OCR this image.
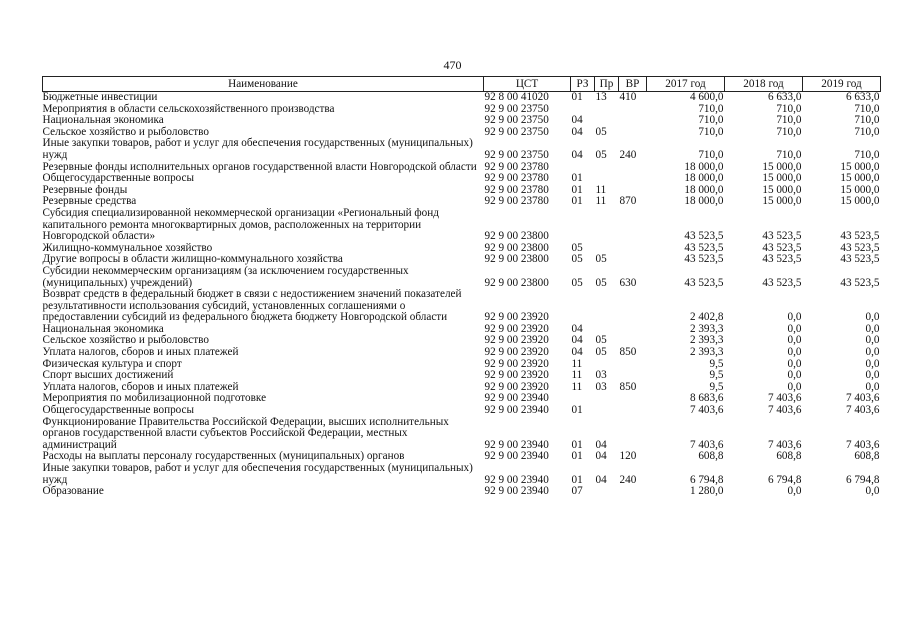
470
Наименование	ЦСТ	РЗ	Пр	ВР	2017 год	2018 год	2019 год
Бюджетные инвестиции	92 8 00 41020	01	13	410	4 600,0	6 633,0	6 633,0
Мероприятия в области сельскохозяйственного производства	92 9 00 23750				710,0	710,0	710,0
Национальная экономика	92 9 00 23750	04			710,0	710,0	710,0
Сельское хозяйство и рыболовство	92 9 00 23750	04	05		710,0	710,0	710,0
Иные закупки товаров, работ и услуг для обеспечения государственных (муниципальных) нужд	92 9 00 23750	04	05	240	710,0	710,0	710,0
Резервные фонды исполнительных органов государственной власти Новгородской области	92 9 00 23780				18 000,0	15 000,0	15 000,0
Общегосударственные вопросы	92 9 00 23780	01			18 000,0	15 000,0	15 000,0
Резервные фонды	92 9 00 23780	01	11		18 000,0	15 000,0	15 000,0
Резервные средства	92 9 00 23780	01	11	870	18 000,0	15 000,0	15 000,0
Субсидия специализированной некоммерческой организации «Региональный фонд капитального ремонта многоквартирных домов, расположенных на территории Новгородской области»	92 9 00 23800				43 523,5	43 523,5	43 523,5
Жилищно-коммунальное хозяйство	92 9 00 23800	05			43 523,5	43 523,5	43 523,5
Другие вопросы в области жилищно-коммунального хозяйства	92 9 00 23800	05	05		43 523,5	43 523,5	43 523,5
Субсидии некоммерческим организациям (за исключением государственных (муниципальных) учреждений)	92 9 00 23800	05	05	630	43 523,5	43 523,5	43 523,5
Возврат средств в федеральный бюджет в связи с недостижением значений показателей результативности использования субсидий, установленных соглашениями о предоставлении субсидий из федерального бюджета бюджету Новгородской области	92 9 00 23920				2 402,8	0,0	0,0
Национальная экономика	92 9 00 23920	04			2 393,3	0,0	0,0
Сельское хозяйство и рыболовство	92 9 00 23920	04	05		2 393,3	0,0	0,0
Уплата налогов, сборов и иных платежей	92 9 00 23920	04	05	850	2 393,3	0,0	0,0
Физическая культура и спорт	92 9 00 23920	11			9,5	0,0	0,0
Спорт высших достижений	92 9 00 23920	11	03		9,5	0,0	0,0
Уплата налогов, сборов и иных платежей	92 9 00 23920	11	03	850	9,5	0,0	0,0
Мероприятия по мобилизационной подготовке	92 9 00 23940				8 683,6	7 403,6	7 403,6
Общегосударственные вопросы	92 9 00 23940	01			7 403,6	7 403,6	7 403,6
Функционирование Правительства Российской Федерации, высших исполнительных органов государственной власти субъектов Российской Федерации, местных администраций	92 9 00 23940	01	04		7 403,6	7 403,6	7 403,6
Расходы на выплаты персоналу государственных (муниципальных) органов	92 9 00 23940	01	04	120	608,8	608,8	608,8
Иные закупки товаров, работ и услуг для обеспечения государственных (муниципальных) нужд	92 9 00 23940	01	04	240	6 794,8	6 794,8	6 794,8
Образование	92 9 00 23940	07			1 280,0	0,0	0,0
